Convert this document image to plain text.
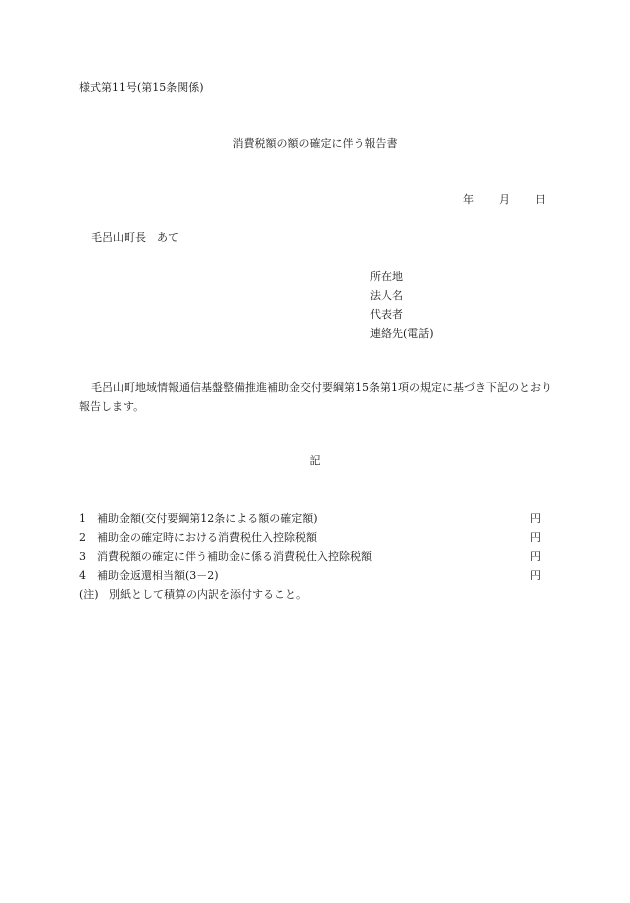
様式第11号(第15条関係)
消費税額の額の確定に伴う報告書
年 月 日
毛呂山町長 あて
所在地
法人名
代表者
連絡先(電話)
毛呂山町地域情報通信基盤整備推進補助金交付要綱第15条第1項の規定に基づき下記のとおり報告します。
記
1 補助金額(交付要綱第12条による額の確定額)	円
2 補助金の確定時における消費税仕入控除税額	円
3 消費税額の確定に伴う補助金に係る消費税仕入控除税額	円
4 補助金返還相当額(3－2)	円
(注) 別紙として積算の内訳を添付すること。
